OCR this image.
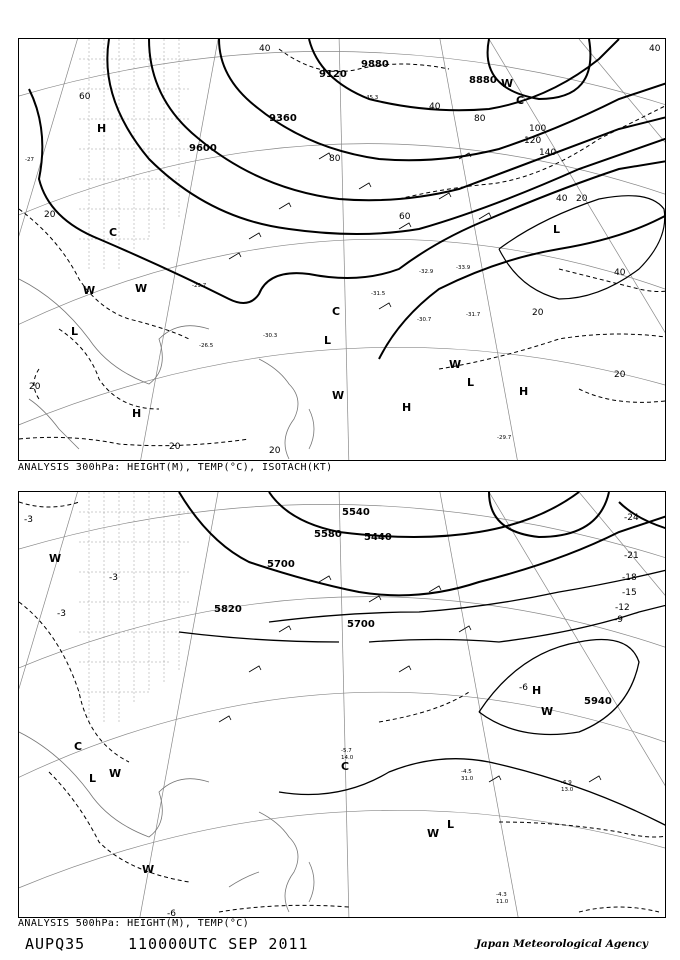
9120
9360
9600
8880
9880
40	40
60
80
80
100
120
140
40 20
40
20
20
20
20
60
40
20	20
H
H	H
H
L
L
L
L
C
C
C
W	W
W
W
W
-45.3
-27
-29.7
-31.5
-33.9
-32.9
-30.7
-31.7
-30.3
-26.5
-29.7
ANALYSIS 300hPa: HEIGHT(M), TEMP(°C), ISOTACH(KT)
5700
5820
5700
5940
5580 5440
5540	-24
-21
-18
-15
-12
-9
-6
-3
-3
-6
-3
H
L
L
W
W
W
W
W
C
C	-4.5
31.0
-6.9
13.0
-4.3
11.0
-5.7
14.0
ANALYSIS 500hPa: HEIGHT(M), TEMP(°C)
AUPQ35	110000UTC SEP 2011	Japan Meteorological Agency
